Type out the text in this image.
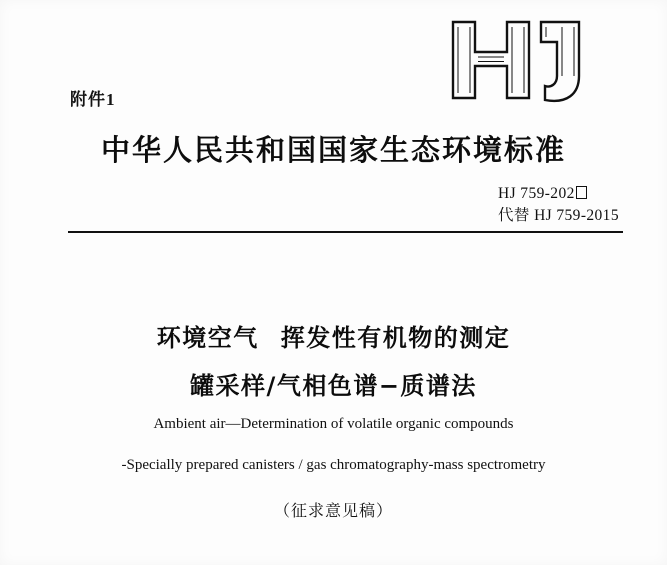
附件1
中华人民共和国国家生态环境标准
HJ 759-202
代替 HJ 759-2015
环境空气 挥发性有机物的测定
罐采样/气相色谱−质谱法
Ambient air—Determination of volatile organic compounds
-Specially prepared canisters / gas chromatography-mass spectrometry
（征求意见稿）
